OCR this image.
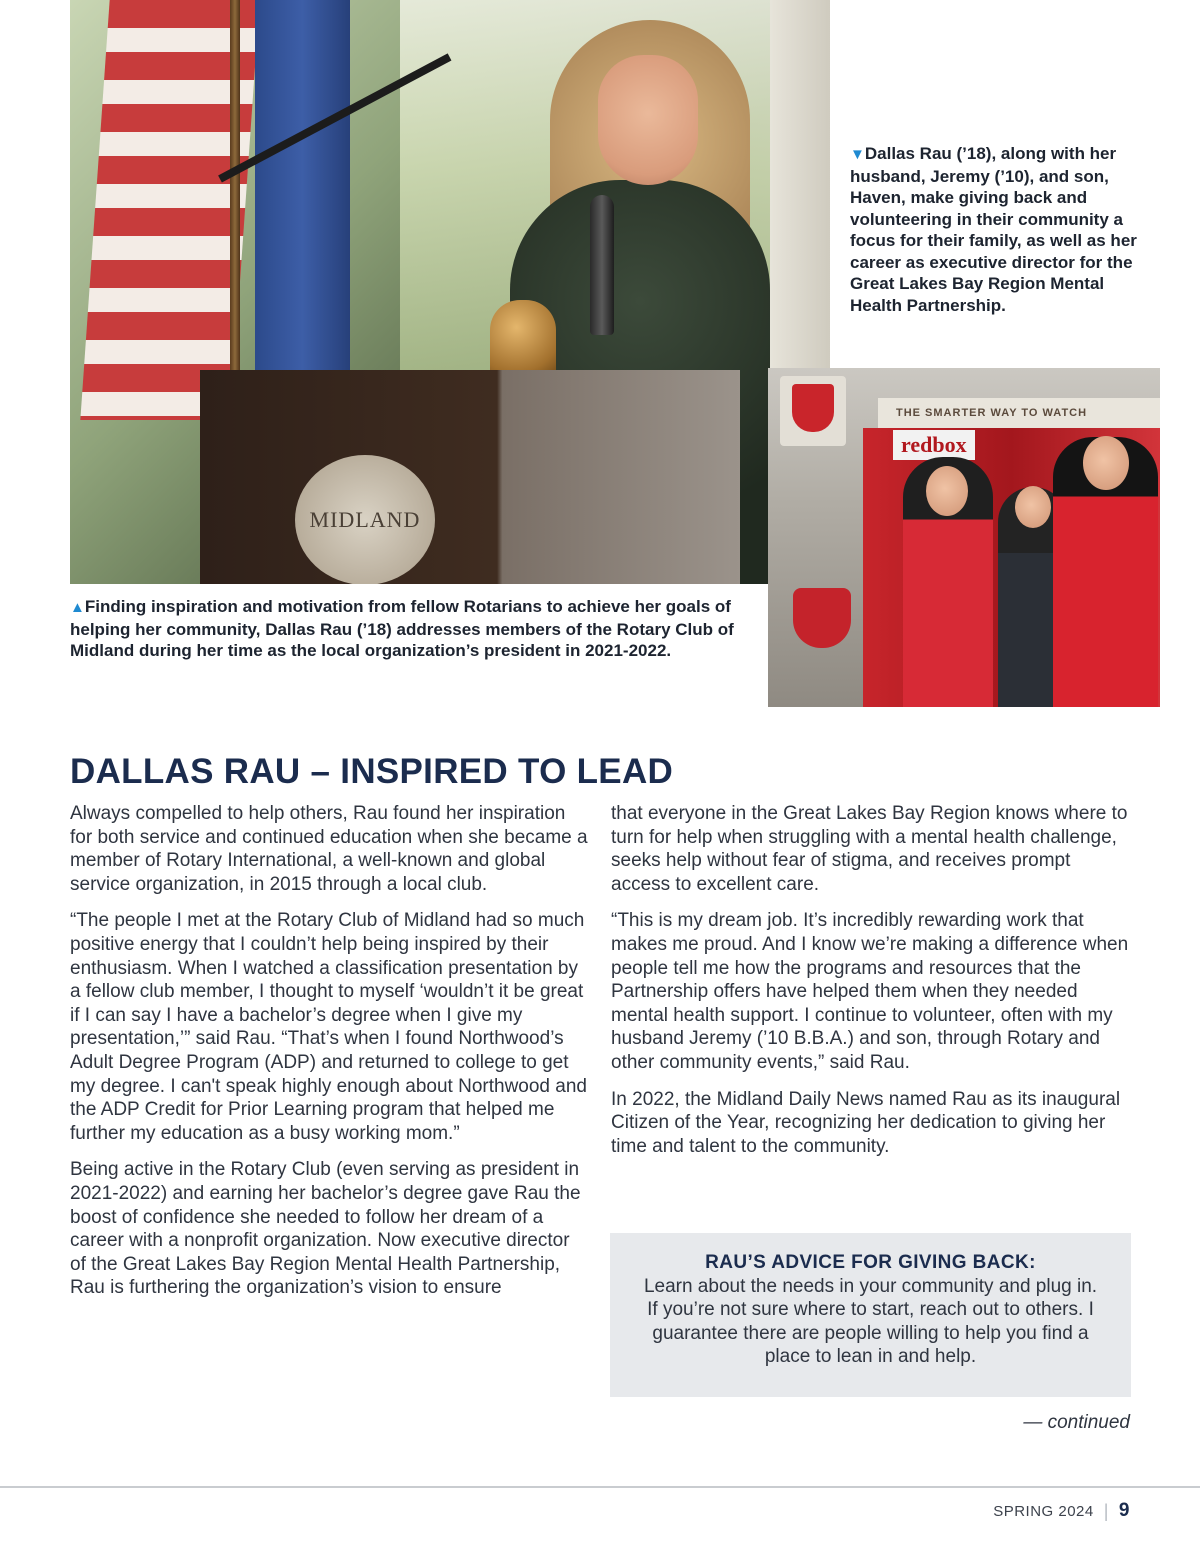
MIDLAND
THE SMARTER WAY TO WATCH
redbox
▼Dallas Rau (’18), along with her husband, Jeremy (’10), and son, Haven, make giving back and volunteering in their community a focus for their family, as well as her career as executive director for the Great Lakes Bay Region Mental Health Partnership.
▲Finding inspiration and motivation from fellow Rotarians to achieve her goals of helping her community, Dallas Rau (’18) addresses members of the Rotary Club of Midland during her time as the local organization’s president in 2021-2022.
DALLAS RAU – INSPIRED TO LEAD

Always compelled to help others, Rau found her inspiration for both service and continued education when she became a member of Rotary International, a well-known and global service organization, in 2015 through a local club.

“The people I met at the Rotary Club of Midland had so much positive energy that I couldn’t help being inspired by their enthusiasm. When I watched a classification presentation by a fellow club member, I thought to myself ‘wouldn’t it be great if I can say I have a bachelor’s degree when I give my presentation,’” said Rau. “That’s when I found Northwood’s Adult Degree Program (ADP) and returned to college to get my degree. I can't speak highly enough about Northwood and the ADP Credit for Prior Learning program that helped me further my education as a busy working mom.”

Being active in the Rotary Club (even serving as president in 2021-2022) and earning her bachelor’s degree gave Rau the boost of confidence she needed to follow her dream of a career with a nonprofit organization. Now executive director of the Great Lakes Bay Region Mental Health Partnership, Rau is furthering the organization’s vision to ensure

that everyone in the Great Lakes Bay Region knows where to turn for help when struggling with a mental health challenge, seeks help without fear of stigma, and receives prompt access to excellent care.

“This is my dream job. It’s incredibly rewarding work that makes me proud. And I know we’re making a difference when people tell me how the programs and resources that the Partnership offers have helped them when they needed mental health support. I continue to volunteer, often with my husband Jeremy (’10 B.B.A.) and son, through Rotary and other community events,” said Rau.

In 2022, the Midland Daily News named Rau as its inaugural Citizen of the Year, recognizing her dedication to giving her time and talent to the community.

RAU’S ADVICE FOR GIVING BACK:
Learn about the needs in your community and plug in. If you’re not sure where to start, reach out to others. I guarantee there are people willing to help you find a place to lean in and help.
— continued
SPRING 2024 | 9
